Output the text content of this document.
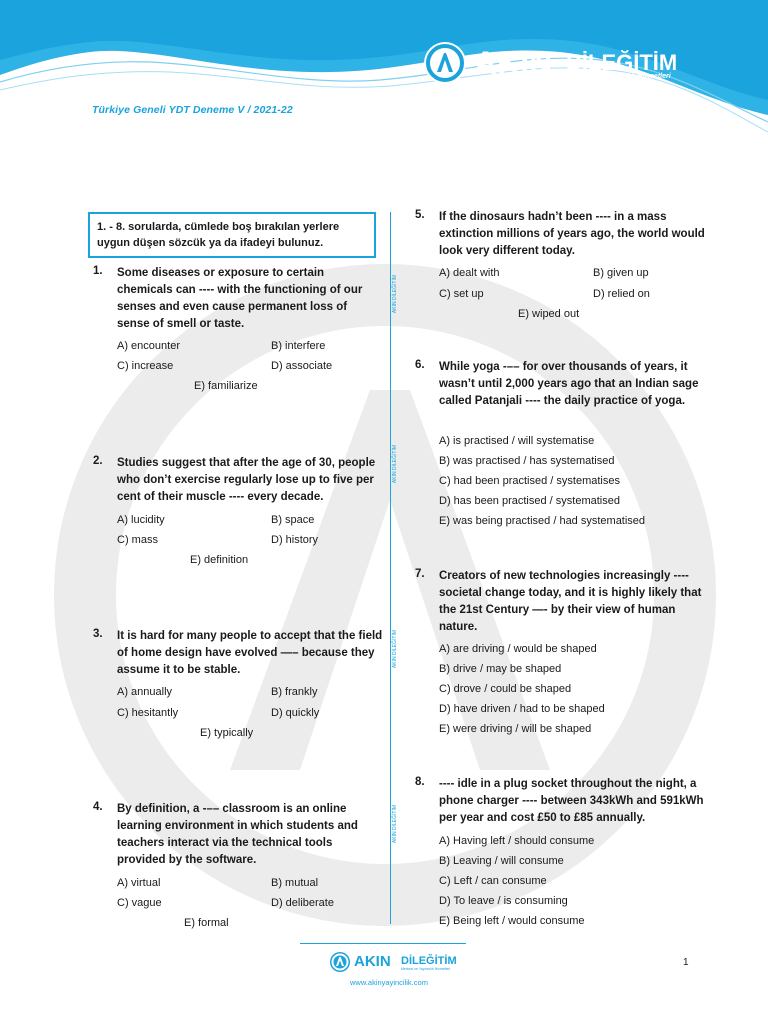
AKIN DİLEĞİTİM
Merkezi ve Yayıncılık Hizmetleri
Türkiye Geneli YDT Deneme V / 2021-22
1. - 8. sorularda, cümlede boş bırakılan yerlere uygun düşen sözcük ya da ifadeyi bulunuz.
AKIN DİLEĞİTİM
AKIN DİLEĞİTİM
AKIN DİLEĞİTİM
AKIN DİLEĞİTİM
1. Some diseases or exposure to certain chemicals can ---- with the functioning of our senses and even cause permanent loss of sense of smell or taste.
A) encounter	B) interfere
C) increase	D) associate
E) familiarize
2. Studies suggest that after the age of 30, people who don’t exercise regularly lose up to five per cent of their muscle ---- every decade.
A) lucidity	B) space
C) mass	D) history
E) definition
3. It is hard for many people to accept that the field of home design have evolved —– because they assume it to be stable.
A) annually	B) frankly
C) hesitantly	D) quickly
E) typically
4. By definition, a -–– classroom is an online learning environment in which students and teachers interact via the technical tools provided by the software.
A) virtual	B) mutual
C) vague	D) deliberate
E) formal
5. If the dinosaurs hadn’t been ---- in a mass extinction millions of years ago, the world would look very different today.
A) dealt with	B) given up
C) set up	D) relied on
E) wiped out
6. While yoga -–– for over thousands of years, it wasn’t until 2,000 years ago that an Indian sage called Patanjali ---- the daily practice of yoga.
A) is practised / will systematise
B) was practised / has systematised
C) had been practised / systematises
D) has been practised / systematised
E) was being practised / had systematised
7. Creators of new technologies increasingly ---- societal change today, and it is highly likely that the 21st Century —- by their view of human nature.
A) are driving / would be shaped
B) drive / may be shaped
C) drove / could be shaped
D) have driven / had to be shaped
E) were driving / will be shaped
8. ---- idle in a plug socket throughout the night, a phone charger ---- between 343kWh and 591kWh per year and cost £50 to £85 annually.
A) Having left / should consume
B) Leaving / will consume
C) Left / can consume
D) To leave / is consuming
E) Being left / would consume
AKIN DİLEĞİTİM
Merkezi ve Yayıncılık Hizmetleri
www.akinyayincilik.com
1
